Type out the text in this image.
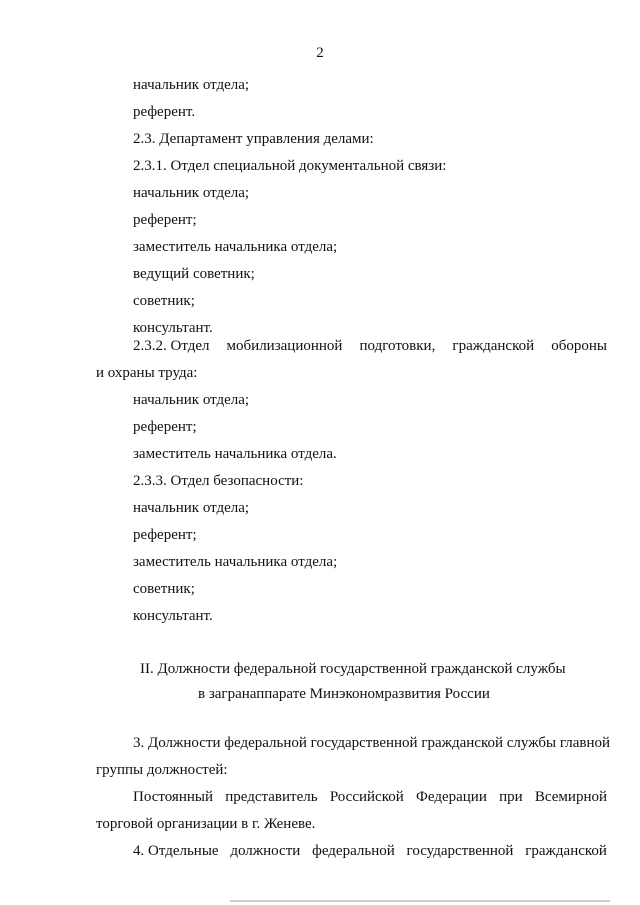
2
начальник отдела;
референт.
2.3. Департамент управления делами:
2.3.1. Отдел специальной документальной связи:
начальник отдела;
референт;
заместитель начальника отдела;
ведущий советник;
советник;
консультант.
2.3.2. Отдел мобилизационной подготовки, гражданской обороны
и охраны труда:
начальник отдела;
референт;
заместитель начальника отдела.
2.3.3. Отдел безопасности:
начальник отдела;
референт;
заместитель начальника отдела;
советник;
консультант.
II. Должности федеральной государственной гражданской службы
в загранаппарате Минэкономразвития России
3. Должности федеральной государственной гражданской службы главной
группы должностей:
Постоянный представитель Российской Федерации при Всемирной
торговой организации в г. Женеве.
4. Отдельные должности федеральной государственной гражданской
